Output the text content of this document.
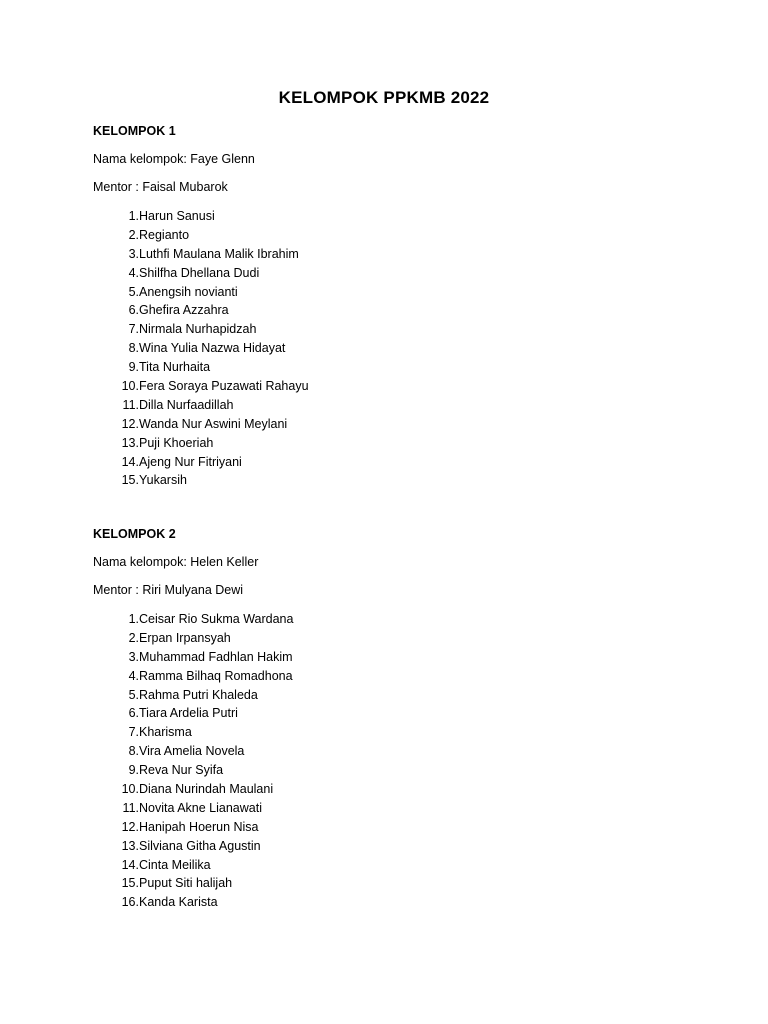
KELOMPOK PPKMB 2022
KELOMPOK 1
Nama kelompok: Faye Glenn
Mentor : Faisal Mubarok
1. Harun Sanusi
2. Regianto
3. Luthfi Maulana Malik Ibrahim
4. Shilfha Dhellana Dudi
5. Anengsih novianti
6. Ghefira Azzahra
7. Nirmala Nurhapidzah
8. Wina Yulia Nazwa Hidayat
9. Tita Nurhaita
10. Fera Soraya Puzawati Rahayu
11. Dilla Nurfaadillah
12. Wanda Nur Aswini Meylani
13. Puji Khoeriah
14. Ajeng Nur Fitriyani
15. Yukarsih
KELOMPOK 2
Nama kelompok: Helen Keller
Mentor : Riri Mulyana Dewi
1. Ceisar Rio Sukma Wardana
2. Erpan Irpansyah
3. Muhammad Fadhlan Hakim
4. Ramma Bilhaq Romadhona
5. Rahma Putri Khaleda
6. Tiara Ardelia Putri
7. Kharisma
8. Vira Amelia Novela
9. Reva Nur Syifa
10. Diana Nurindah Maulani
11. Novita Akne Lianawati
12. Hanipah Hoerun Nisa
13. Silviana Githa Agustin
14. Cinta Meilika
15. Puput Siti halijah
16. Kanda Karista
